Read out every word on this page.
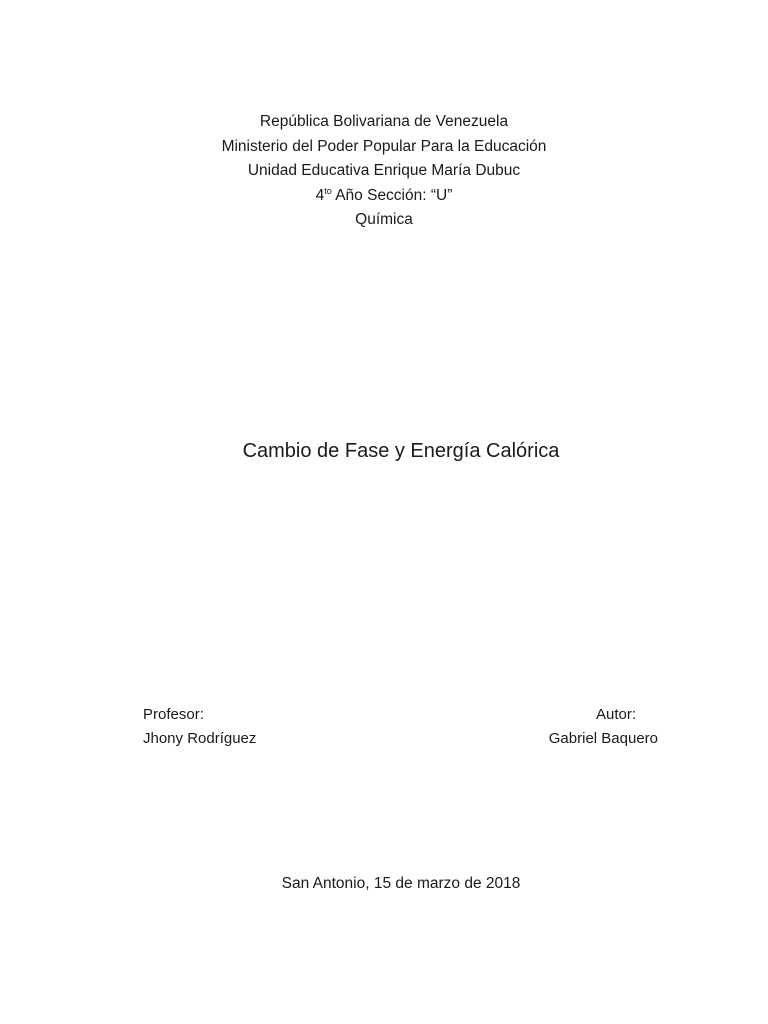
República Bolivariana de Venezuela
Ministerio del Poder Popular Para la Educación
Unidad Educativa Enrique María Dubuc
$4^{to}$ Año Sección: “U”
Química
Cambio de Fase y Energía Calórica
Profesor:
Jhony Rodríguez
Autor:
Gabriel Baquero
San Antonio, 15 de marzo de 2018
